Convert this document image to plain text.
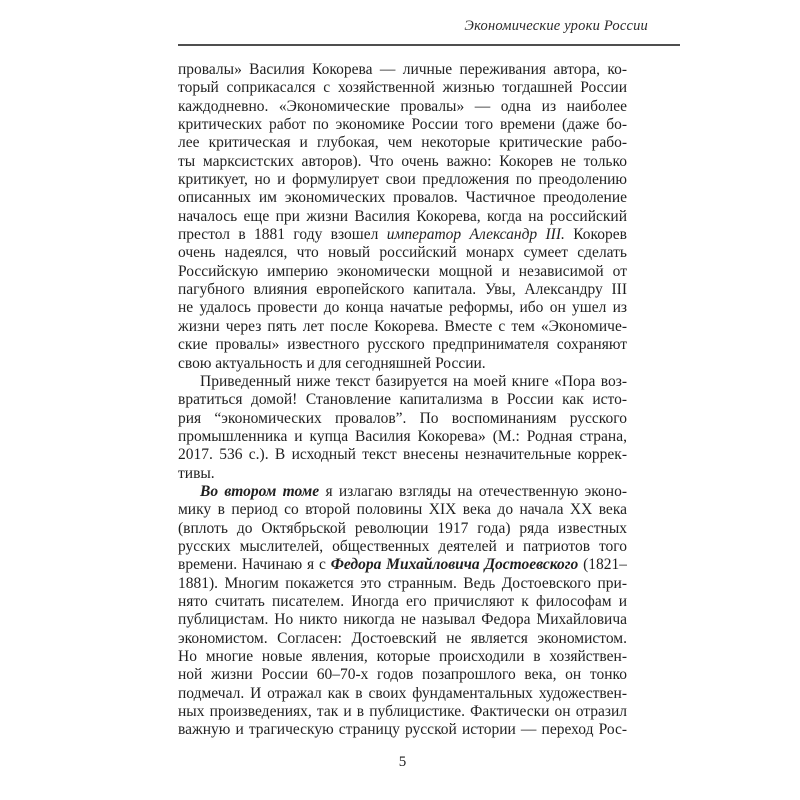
Экономические уроки России
провалы» Василия Кокорева — личные переживания автора, ко-
торый соприкасался с хозяйственной жизнью тогдашней России
каждодневно. «Экономические провалы» — одна из наиболее
критических работ по экономике России того времени (даже бо-
лее критическая и глубокая, чем некоторые критические рабо-
ты марксистских авторов). Что очень важно: Кокорев не только
критикует, но и формулирует свои предложения по преодолению
описанных им экономических провалов. Частичное преодоление
началось еще при жизни Василия Кокорева, когда на российский
престол в 1881 году взошел император Александр III. Кокорев
очень надеялся, что новый российский монарх сумеет сделать
Российскую империю экономически мощной и независимой от
пагубного влияния европейского капитала. Увы, Александру III
не удалось провести до конца начатые реформы, ибо он ушел из
жизни через пять лет после Кокорева. Вместе с тем «Экономиче-
ские провалы» известного русского предпринимателя сохраняют
свою актуальность и для сегодняшней России.
Приведенный ниже текст базируется на моей книге «Пора воз-
вратиться домой! Становление капитализма в России как исто-
рия “экономических провалов”. По воспоминаниям русского
промышленника и купца Василия Кокорева» (М.: Родная страна,
2017. 536 с.). В исходный текст внесены незначительные коррек-
тивы.
Во втором томе я излагаю взгляды на отечественную эконо-
мику в период со второй половины XIX века до начала XX века
(вплоть до Октябрьской революции 1917 года) ряда известных
русских мыслителей, общественных деятелей и патриотов того
времени. Начинаю я с Федора Михайловича Достоевского (1821–
1881). Многим покажется это странным. Ведь Достоевского при-
нято считать писателем. Иногда его причисляют к философам и
публицистам. Но никто никогда не называл Федора Михайловича
экономистом. Согласен: Достоевский не является экономистом.
Но многие новые явления, которые происходили в хозяйствен-
ной жизни России 60–70-х годов позапрошлого века, он тонко
подмечал. И отражал как в своих фундаментальных художествен-
ных произведениях, так и в публицистике. Фактически он отразил
важную и трагическую страницу русской истории — переход Рос-
5
